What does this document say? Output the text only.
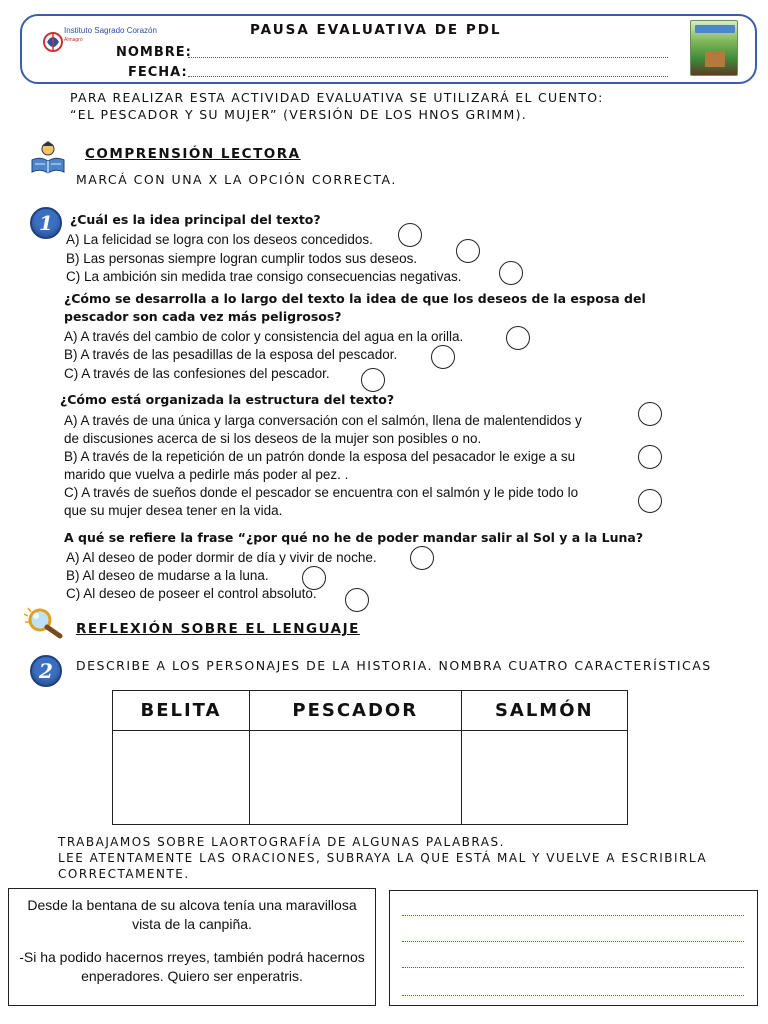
Instituto Sagrado Corazón
Almagro
PAUSA EVALUATIVA DE PDL
NOMBRE:
FECHA:
PARA REALIZAR ESTA ACTIVIDAD EVALUATIVA SE UTILIZARÁ EL CUENTO:
“EL PESCADOR Y SU MUJER” (VERSIÓN DE LOS HNOS GRIMM).
COMPRENSIÓN LECTORA
MARCÁ CON UNA X LA OPCIÓN CORRECTA.
1	¿Cuál es la idea principal del texto?
A) La felicidad se logra con los deseos concedidos.
B) Las personas siempre logran cumplir todos sus deseos.
C) La ambición sin medida trae consigo consecuencias negativas.
¿Cómo se desarrolla a lo largo del texto la idea de que los deseos de la esposa del
pescador son cada vez más peligrosos?
A) A través del cambio de color y consistencia del agua en la orilla.
B) A través de las pesadillas de la esposa del pescador.
C) A través de las confesiones del pescador.
¿Cómo está organizada la estructura del texto?
A) A través de una única y larga conversación con el salmón, llena de malentendidos y
de discusiones acerca de si los deseos de la mujer son posibles o no.
B) A través de la repetición de un patrón donde la esposa del pesacador le exige a su
marido que vuelva a pedirle más poder al pez. .
C) A través de sueños donde el pescador se encuentra con el salmón y le pide todo lo
que su mujer desea tener en la vida.
A qué se refiere la frase “¿por qué no he de poder mandar salir al Sol y a la Luna?
A) Al deseo de poder dormir de día y vivir de noche.
B) Al deseo de mudarse a la luna.
C) Al deseo de poseer el control absoluto.
REFLEXIÓN SOBRE EL LENGUAJE
2	DESCRIBE A LOS PERSONAJES DE LA HISTORIA. NOMBRA CUATRO CARACTERÍSTICAS
BELITA	PESCADOR	SALMÓN

TRABAJAMOS SOBRE LAORTOGRAFÍA DE ALGUNAS PALABRAS.
LEE ATENTAMENTE LAS ORACIONES, SUBRAYA LA QUE ESTÁ MAL Y VUELVE A ESCRIBIRLA
CORRECTAMENTE.
Desde la bentana de su alcova tenía una maravillosa vista de la canpiña.
-Si ha podido hacernos rreyes, también podrá hacernos enperadores. Quiero ser enperatris.
